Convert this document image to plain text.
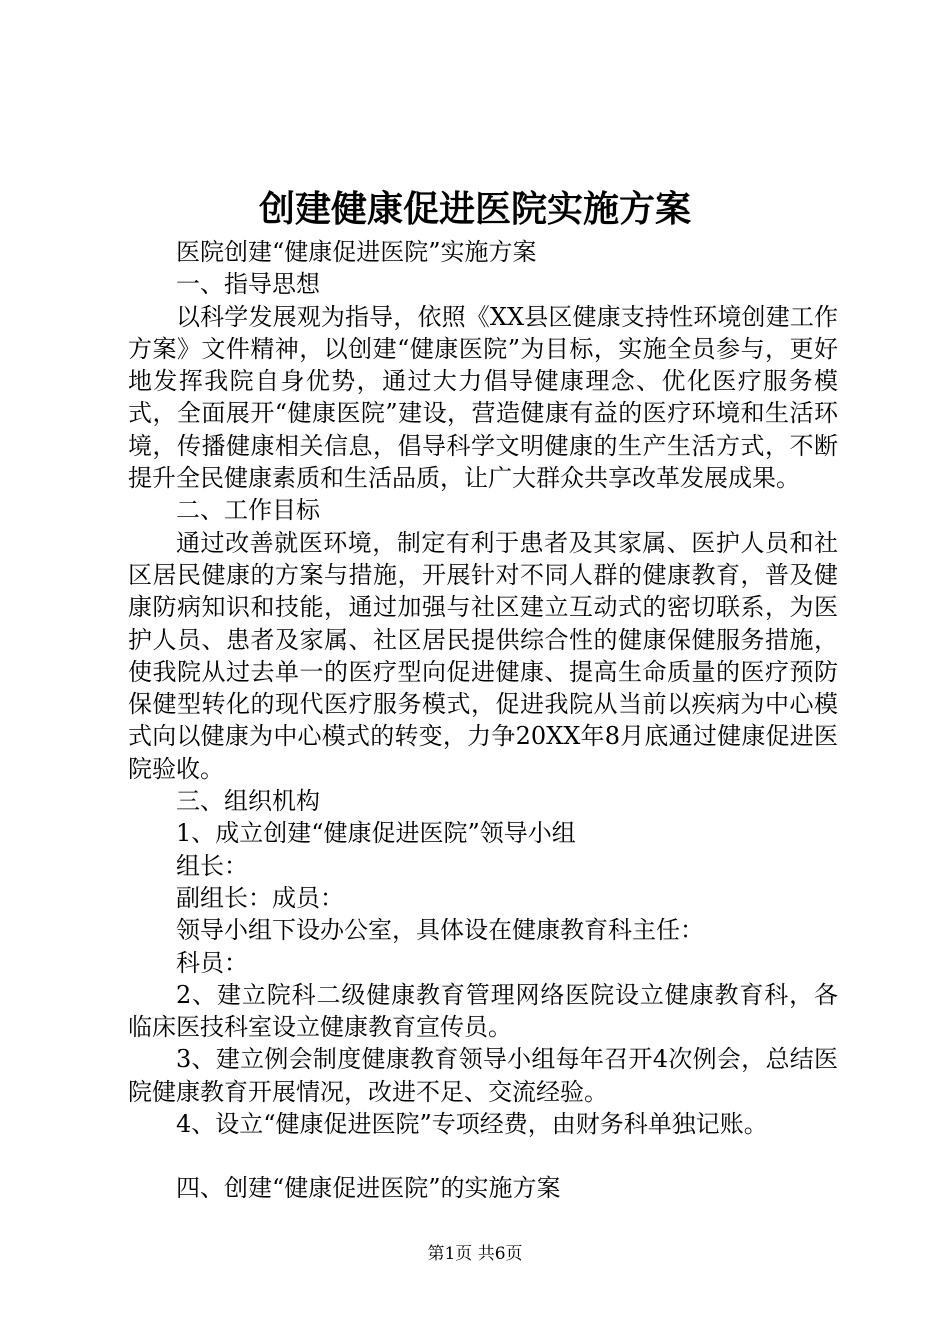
创建健康促进医院实施方案

医院创建“健康促进医院”实施方案

一、指导思想

以科学发展观为指导，依照《XX县区健康支持性环境创建工作方案》文件精神，以创建“健康医院”为目标，实施全员参与，更好地发挥我院自身优势，通过大力倡导健康理念、优化医疗服务模式，全面展开“健康医院”建设，营造健康有益的医疗环境和生活环境，传播健康相关信息，倡导科学文明健康的生产生活方式，不断提升全民健康素质和生活品质，让广大群众共享改革发展成果。

二、工作目标

通过改善就医环境，制定有利于患者及其家属、医护人员和社区居民健康的方案与措施，开展针对不同人群的健康教育，普及健康防病知识和技能，通过加强与社区建立互动式的密切联系，为医护人员、患者及家属、社区居民提供综合性的健康保健服务措施，使我院从过去单一的医疗型向促进健康、提高生命质量的医疗预防保健型转化的现代医疗服务模式，促进我院从当前以疾病为中心模式向以健康为中心模式的转变，力争20XX年8月底通过健康促进医院验收。

三、组织机构

1、成立创建“健康促进医院”领导小组

组长：

副组长：成员：

领导小组下设办公室，具体设在健康教育科主任：

科员：

2、建立院科二级健康教育管理网络医院设立健康教育科，各临床医技科室设立健康教育宣传员。

3、建立例会制度健康教育领导小组每年召开4次例会，总结医院健康教育开展情况，改进不足、交流经验。

4、设立“健康促进医院”专项经费，由财务科单独记账。

四、创建“健康促进医院”的实施方案

第1页 共6页
